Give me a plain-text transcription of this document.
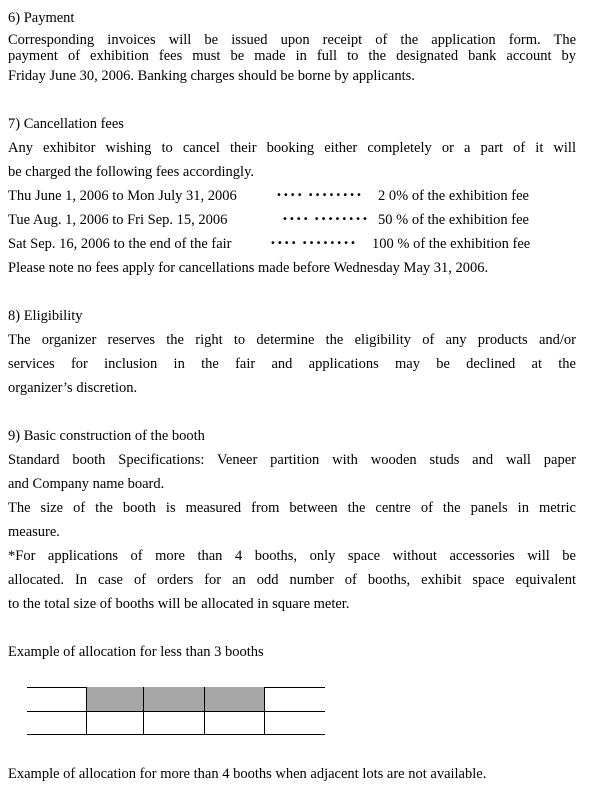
6) Payment
Corresponding invoices will be issued upon receipt of the application form. The
payment of exhibition fees must be made in full to the designated bank account by
Friday June 30, 2006. Banking charges should be borne by applicants.
7) Cancellation fees
Any exhibitor wishing to cancel their booking either completely or a part of it will
be charged the following fees accordingly.
Thu June 1, 2006 to Mon July 31, 2006	•••• •••••••• 2 0% of the exhibition fee
Tue Aug. 1, 2006 to Fri Sep. 15, 2006	•••• •••••••• 50 % of the exhibition fee
Sat Sep. 16, 2006 to the end of the fair	•••• •••••••• 100 % of the exhibition fee
Please note no fees apply for cancellations made before Wednesday May 31, 2006.
8) Eligibility
The organizer reserves the right to determine the eligibility of any products and/or
services for inclusion in the fair and applications may be declined at the
organizer’s discretion.
9) Basic construction of the booth
Standard booth Specifications: Veneer partition with wooden studs and wall paper
and Company name board.
The size of the booth is measured from between the centre of the panels in metric
measure.
*For applications of more than 4 booths, only space without accessories will be
allocated. In case of orders for an odd number of booths, exhibit space equivalent
to the total size of booths will be allocated in square meter.
Example of allocation for less than 3 booths
Example of allocation for more than 4 booths when adjacent lots are not available.
